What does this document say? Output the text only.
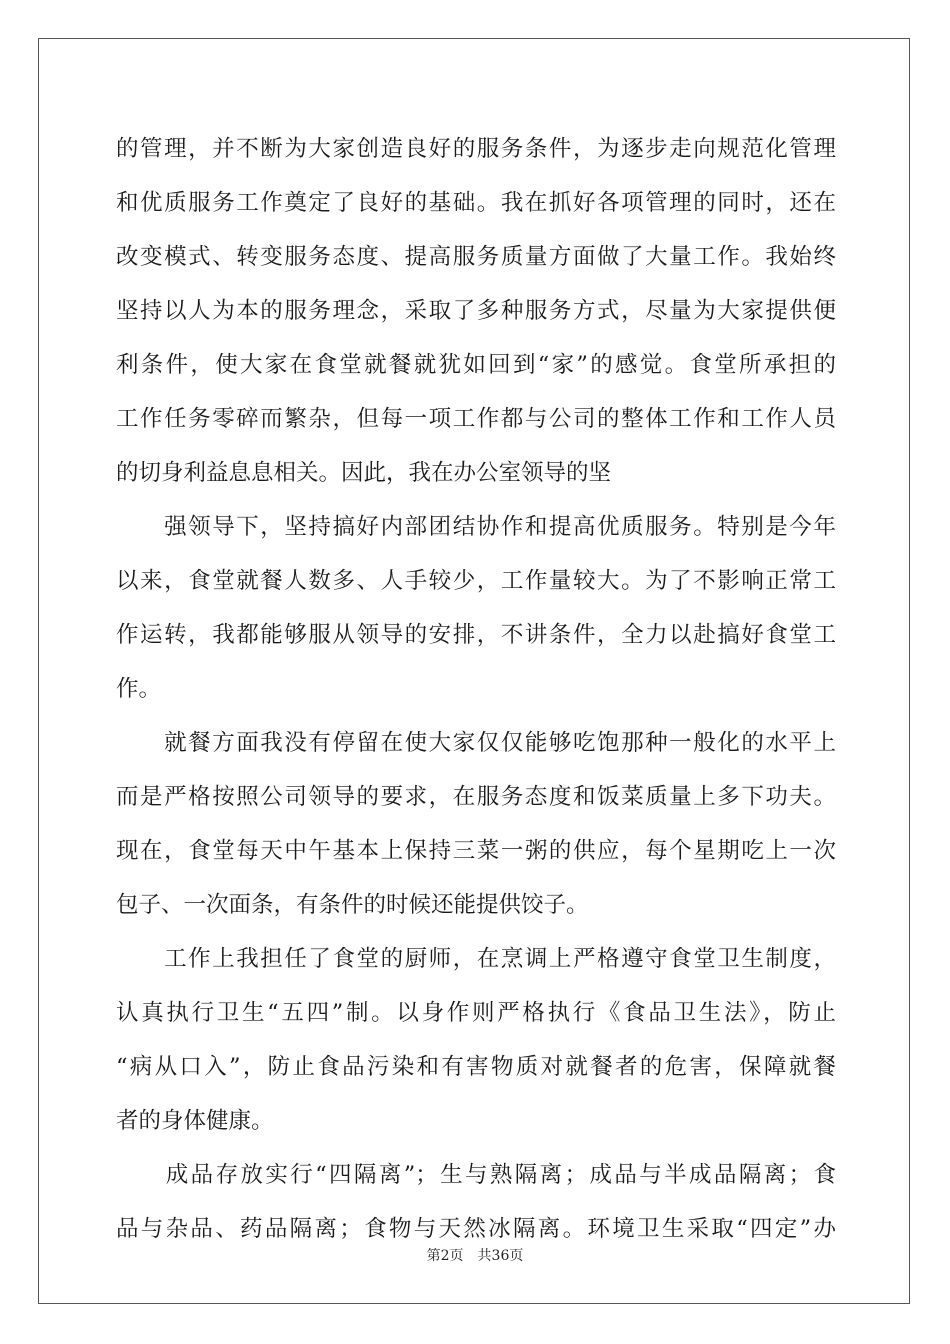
的管理，并不断为大家创造良好的服务条件，为逐步走向规范化管理
和优质服务工作奠定了良好的基础。我在抓好各项管理的同时，还在
改变模式、转变服务态度、提高服务质量方面做了大量工作。我始终
坚持以人为本的服务理念，采取了多种服务方式，尽量为大家提供便
利条件，使大家在食堂就餐就犹如回到“家”的感觉。食堂所承担的
工作任务零碎而繁杂，但每一项工作都与公司的整体工作和工作人员
的切身利益息息相关。因此，我在办公室领导的坚
　　强领导下，坚持搞好内部团结协作和提高优质服务。特别是今年
以来，食堂就餐人数多、人手较少，工作量较大。为了不影响正常工
作运转，我都能够服从领导的安排，不讲条件，全力以赴搞好食堂工
作。
　　就餐方面我没有停留在使大家仅仅能够吃饱那种一般化的水平上
而是严格按照公司领导的要求，在服务态度和饭菜质量上多下功夫。
现在，食堂每天中午基本上保持三菜一粥的供应，每个星期吃上一次
包子、一次面条，有条件的时候还能提供饺子。
　　工作上我担任了食堂的厨师，在烹调上严格遵守食堂卫生制度，
认真执行卫生“五四”制。以身作则严格执行《食品卫生法》，防止
“病从口入”，防止食品污染和有害物质对就餐者的危害，保障就餐
者的身体健康。
　　成品存放实行“四隔离”；生与熟隔离；成品与半成品隔离；食
品与杂品、药品隔离；食物与天然冰隔离。环境卫生采取“四定”办
第2页 共36页
